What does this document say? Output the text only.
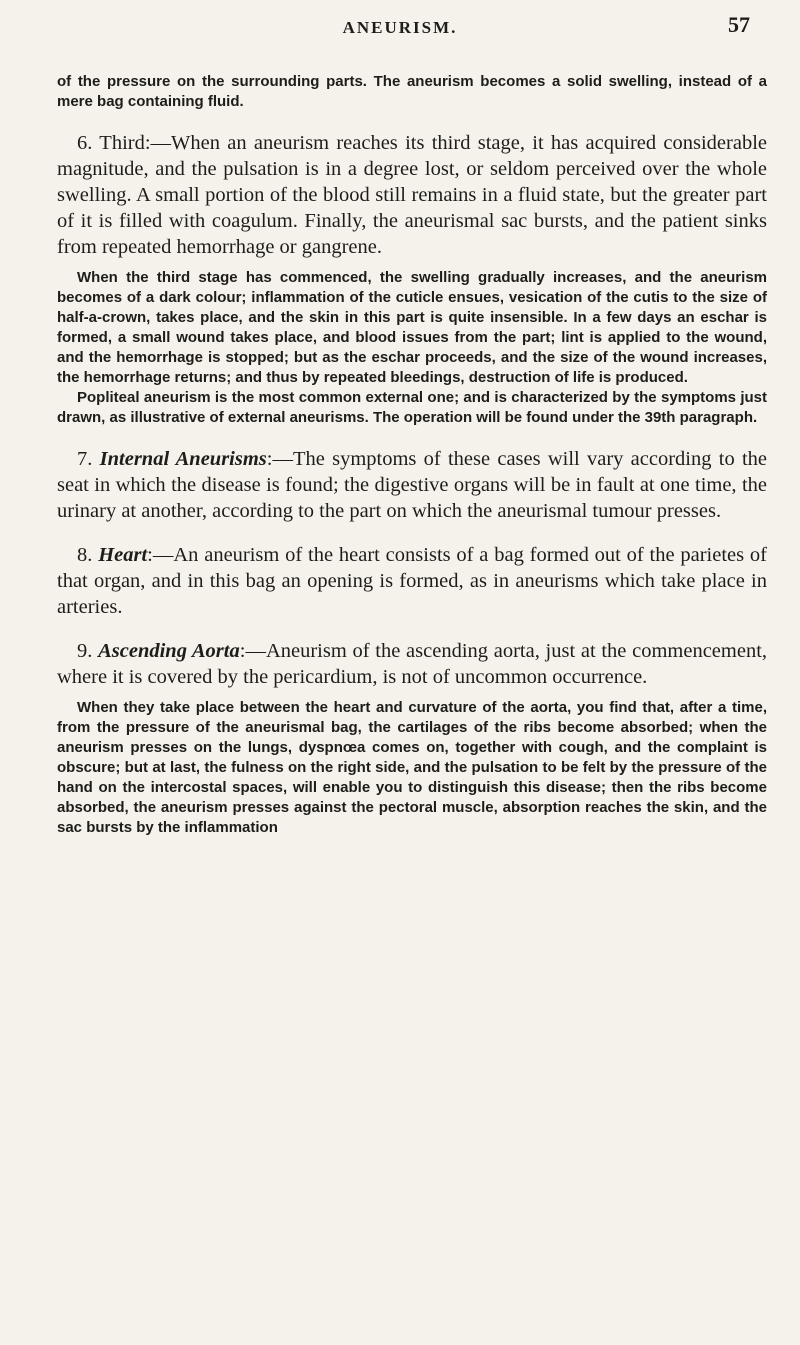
ANEURISM.	57

of the pressure on the surrounding parts. The aneurism becomes a solid swelling, instead of a mere bag containing fluid.

6. Third:—When an aneurism reaches its third stage, it has acquired considerable magnitude, and the pulsation is in a degree lost, or seldom perceived over the whole swelling. A small portion of the blood still remains in a fluid state, but the greater part of it is filled with coagulum. Finally, the aneurismal sac bursts, and the patient sinks from repeated hemorrhage or gangrene.

When the third stage has commenced, the swelling gradually increases, and the aneurism becomes of a dark colour; inflammation of the cuticle ensues, vesication of the cutis to the size of half-a-crown, takes place, and the skin in this part is quite insensible. In a few days an eschar is formed, a small wound takes place, and blood issues from the part; lint is applied to the wound, and the hemorrhage is stopped; but as the eschar proceeds, and the size of the wound increases, the hemorrhage returns; and thus by repeated bleedings, destruction of life is produced.

Popliteal aneurism is the most common external one; and is characterized by the symptoms just drawn, as illustrative of external aneurisms. The operation will be found under the 39th paragraph.

7. Internal Aneurisms:—The symptoms of these cases will vary according to the seat in which the disease is found; the digestive organs will be in fault at one time, the urinary at another, according to the part on which the aneurismal tumour presses.

8. Heart:—An aneurism of the heart consists of a bag formed out of the parietes of that organ, and in this bag an opening is formed, as in aneurisms which take place in arteries.

9. Ascending Aorta:—Aneurism of the ascending aorta, just at the commencement, where it is covered by the pericardium, is not of uncommon occurrence.

When they take place between the heart and curvature of the aorta, you find that, after a time, from the pressure of the aneurismal bag, the cartilages of the ribs become absorbed; when the aneurism presses on the lungs, dyspnœa comes on, together with cough, and the complaint is obscure; but at last, the fulness on the right side, and the pulsation to be felt by the pressure of the hand on the intercostal spaces, will enable you to distinguish this disease; then the ribs become absorbed, the aneurism presses against the pectoral muscle, absorption reaches the skin, and the sac bursts by the inflammation
